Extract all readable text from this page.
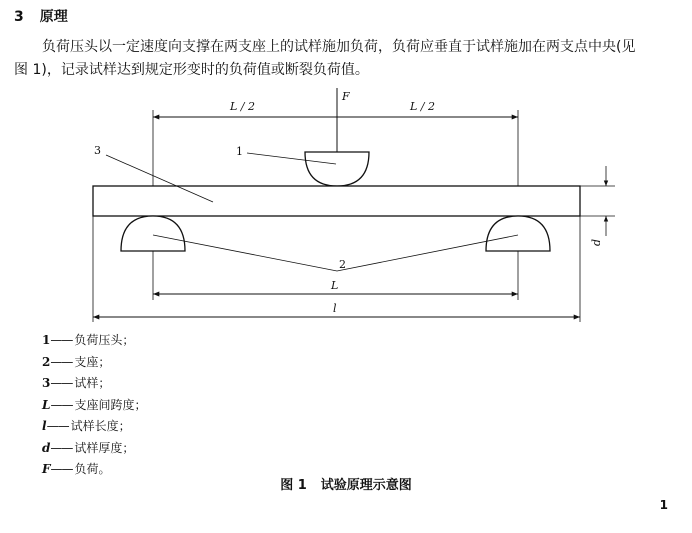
3 原理

负荷压头以一定速度向支撑在两支座上的试样施加负荷，负荷应垂直于试样施加在两支点中央(见
图 1)，记录试样达到规定形变时的负荷值或断裂负荷值。

F
L / 2	L / 2
1
3
2
d
L
l
1—— 负荷压头；
2—— 支座；
3—— 试样；
L—— 支座间跨度；
l—— 试样长度；
d—— 试样厚度；
F—— 负荷。

图 1 试验原理示意图

1
